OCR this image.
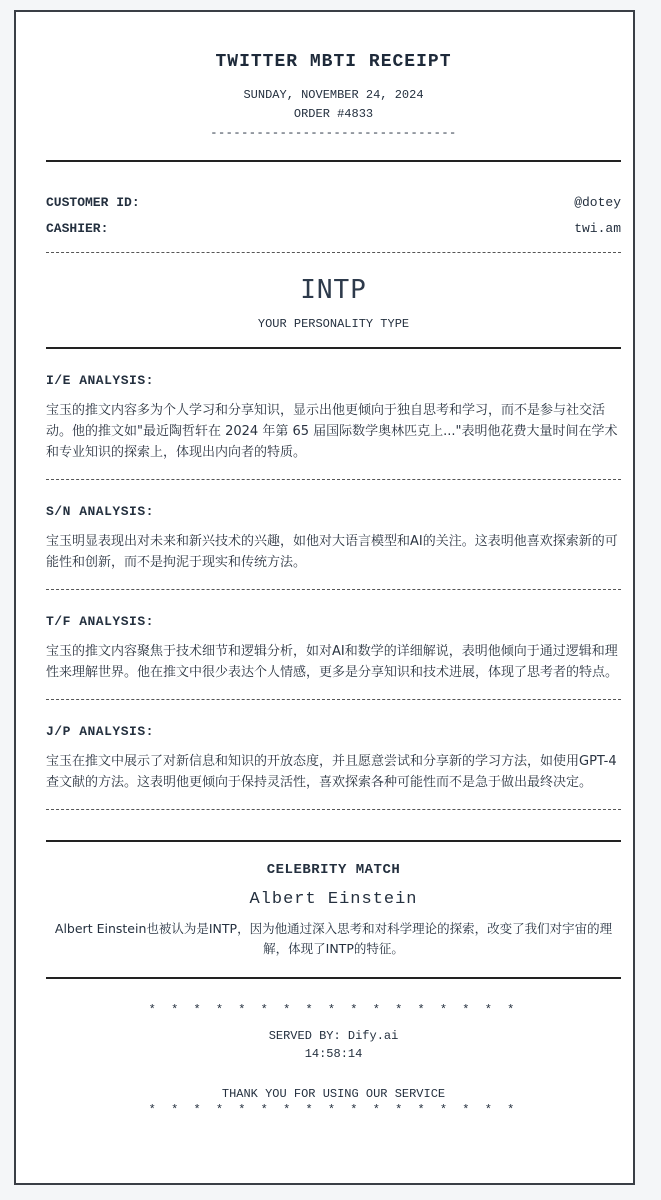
TWITTER MBTI RECEIPT
SUNDAY, NOVEMBER 24, 2024
ORDER #4833
--------------------------------
CUSTOMER ID:	@dotey
CASHIER:	twi.am
INTP
YOUR PERSONALITY TYPE
I/E ANALYSIS:
宝玉的推文内容多为个人学习和分享知识，显示出他更倾向于独自思考和学习，而不是参与社交活动。他的推文如"最近陶哲轩在 2024 年第 65 届国际数学奥林匹克上..."表明他花费大量时间在学术和专业知识的探索上，体现出内向者的特质。
S/N ANALYSIS:
宝玉明显表现出对未来和新兴技术的兴趣，如他对大语言模型和AI的关注。这表明他喜欢探索新的可能性和创新，而不是拘泥于现实和传统方法。
T/F ANALYSIS:
宝玉的推文内容聚焦于技术细节和逻辑分析，如对AI和数学的详细解说，表明他倾向于通过逻辑和理性来理解世界。他在推文中很少表达个人情感，更多是分享知识和技术进展，体现了思考者的特点。
J/P ANALYSIS:
宝玉在推文中展示了对新信息和知识的开放态度，并且愿意尝试和分享新的学习方法，如使用GPT-4查文献的方法。这表明他更倾向于保持灵活性，喜欢探索各种可能性而不是急于做出最终决定。
CELEBRITY MATCH
Albert Einstein
Albert Einstein也被认为是INTP，因为他通过深入思考和对科学理论的探索，改变了我们对宇宙的理解，体现了INTP的特征。
* * * * * * * * * * * * * * * * *
SERVED BY: Dify.ai
14:58:14
THANK YOU FOR USING OUR SERVICE
* * * * * * * * * * * * * * * * *
